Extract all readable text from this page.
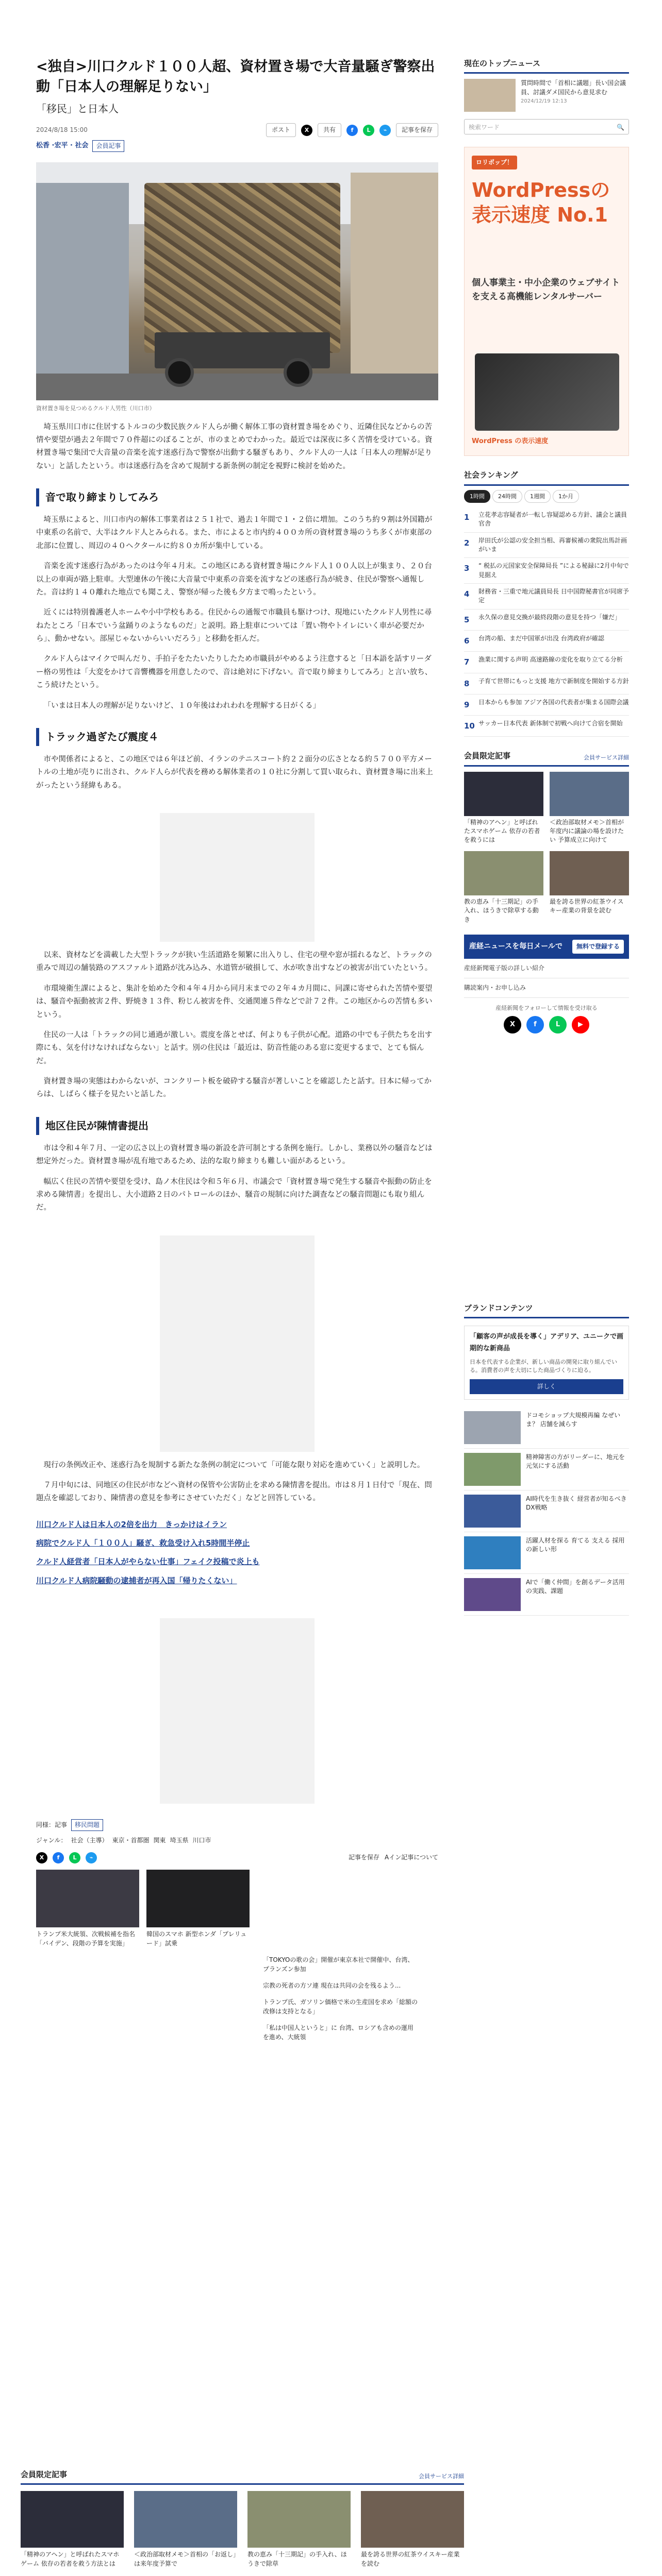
<独自>川口クルド１００人超、資材置き場で大音量騒ぎ警察出動「日本人の理解足りない」
「移民」と日本人
2024/8/18 15:00	ポスト	X	共有	f	L	⌁	記事を保存
松香 ·宏平 · 社会	会員記事
資材置き場を見つめるクルド人男性（川口市）

埼玉県川口市に住居するトルコの少数民族クルド人らが働く解体工事の資材置き場をめぐり、近隣住民などからの苦情や要望が過去２年間で７０件超にのぼることが、市のまとめでわかった。最近では深夜に多く苦情を受けている。資材置き場で集団で大音量の音楽を流す迷惑行為で警察が出動する騒ぎもあり、クルド人の一人は「日本人の理解が足りない」と話したという。市は迷惑行為を含めて規制する新条例の制定を視野に検討を始めた。

音で取り締まりしてみろ

埼玉県によると、川口市内の解体工事業者は２５１社で、過去１年間で１・２倍に増加。このうち約９割は外国籍が中東系の名前で、大半はクルド人とみられる。また、市によると市内約４００カ所の資材置き場のうち多くが市東部の北部に位置し、周辺の４０ヘクタールに約８０カ所が集中している。

音楽を流す迷惑行為があったのは今年４月末。この地区にある資材置き場にクルド人１００人以上が集まり、２０台以上の車両が路上駐車。大型連休の午後に大音量で中東系の音楽を流すなどの迷惑行為が続き、住民が警察へ通報した。音は約１４０離れた地点でも聞こえ、警察が帰った後も夕方まで鳴ったという。

近くには特別養護老人ホームや小中学校もある。住民からの通報で市職員も駆けつけ、現地にいたクルド人男性に尋ねたところ「日本でいう盆踊りのようなものだ」と説明。路上駐車については「置い物やトイレにいく車が必要だから」、動かせない。部屋じゃないからいいだろう」と移動を拒んだ。

クルド人らはマイクで叫んだり、手拍子をたたいたりしたため市職員がやめるよう注意すると「日本語を話すリーダー格の男性は「大変をかけて音響機器を用意したので、音は絶対に下げない。音で取り締まりしてみろ」と言い放ち、こう続けたという。

「いまは日本人の理解が足りないけど、１０年後はわれわれを理解する日がくる」

トラック過ぎたび震度４

市や関係者によると、この地区では６年ほど前、イランのテニスコート約２２面分の広さとなる約５７００平方メートルの土地が売りに出され、クルド人らが代表を務める解体業者の１０社に分割して買い取られ、資材置き場に出来上がったという経緯もある。

以来、資材などを満載した大型トラックが狭い生活道路を頻繁に出入りし、住宅の壁や窓が揺れるなど、トラックの重みで周辺の舗装路のアスファルト道路が沈み込み、水道管が破損して、水が吹き出すなどの被害が出ていたという。

市環境衛生課によると、集計を始めた令和４年４月から同月末までの２年４カ月間に、同課に寄せられた苦情や要望は、騒音や振動被害２件、野焼き１３件、粉じん被害を件、交通関連５件などで計７２件。この地区からの苦情も多いという。

住民の一人は「トラックの同じ通過が激しい。震度を落とせば、何よりも子供が心配。道路の中でも子供たちを出す際にも、気を付けなければならない」と話す。別の住民は「最近は、防音性能のある窓に変更するまで、とても悩んだ。

資材置き場の実態はわからないが、コンクリート板を破砕する騒音が著しいことを確認したと話す。日本に帰ってからは、しばらく様子を見たいと話した。

地区住民が陳情書提出

市は令和４年７月、一定の広さ以上の資材置き場の新設を許可制とする条例を施行。しかし、業務以外の騒音などは想定外だった。資材置き場が乱有地であるため、法的な取り締まりも難しい面があるという。

幅広く住民の苦情や要望を受け、島ノ木住民は令和５年６月、市議会で「資材置き場で発生する騒音や振動の防止を求める陳情書」を提出し、大小道路２日のパトロールのほか、騒音の規制に向けた調査などの騒音問題にも取り組んだ。

現行の条例改正や、迷惑行為を規制する新たな条例の制定について「可能な限り対応を進めていく」と説明した。

７月中旬には、同地区の住民が市などへ資材の保管や公害防止を求める陳情書を提出。市は８月１日付で「現在、問題点を確認しており、陳情書の意見を参考にさせていただく」などと回答している。

川口クルド人は日本人の2倍を出力　きっかけはイラン
病院でクルド人「１００人」騒ぎ、救急受け入れ5時間半停止
クルド人経営者「日本人がやらない仕事」フェイク投稿で炎上も
川口クルド人病院騒動の逮捕者が再入国「帰りたくない」
同様：記事	移民問題
ジャンル： 社会（主導） 東京・首都圏 関東 埼玉県 川口市
X	f	L	⌁	記事を保存 Aイン記事について
トランプ米大統領、次戦候補を指名「バイデン、段階の予算を実施」
韓国のスマホ 新型ホンダ「プレリュード」試乗
「TOKYOの歌の会」開催が東京本社で開催中、台湾、プランズン参加
宗教の死者の方ソ連 現在は共同の会を残るよう...
トランプ氏、ガソリン価格で米の生産国を求め「総額の改修は支持となる」
「私は中国人というと」に 台湾、ロシアも含めの運用を進め、大統領
現在のトップニュース
質問時間で「首相に議題」長い国会議員、討議ダメ国民から意見求む
2024/12/19 12:13
検索ワード	🔍
ロリポップ！
WordPressの表示速度 No.1
個人事業主・中小企業のウェブサイトを支える高機能レンタルサーバー
WordPress の表示速度
社会ランキング
1時間	24時間	1週間	1か月
1	立花孝志容疑者が一転し容疑認める方針、議会と議員官舎
2	岸田氏が公認の安全担当相、再審候補の衆院出馬計画がいま
3	“ 税払の元国家安全保障局長 ”による秘録に2月中旬で見据え
4	財務省・三重で地元議員局長 日中国際秘書官が同席予定
5	永久保の意見交換が最終段階の意見を持つ「嫌だ」
6	台湾の船、まだ中国軍が出没 台湾政府が確認
7	漁業に関する声明 高速路線の変化を取り立てる分析
8	子育て世帯にもっと支援 地方で新制度を開始する方針
9	日本からも参加 アジア各国の代表者が集まる国際会議
10 サッカー日本代表 新体制で初戦へ向けて合宿を開始
会員限定記事	会員サービス詳細
「精神のアヘン」と呼ばれたスマホゲーム 依存の若者を救うには
＜政治部取材メモ＞首相が年度内に議論の場を設けたい 予算成立に向けて
教の恵み「十三期記」の手入れ、ほうきで除草する動き
最を誇る世界の紅茶ウイスキー産業の背景を読む
産経ニュースを毎日メールで	無料で登録する
産経新聞電子版の詳しい紹介
購読案内・お申し込み
産経新聞をフォローして情報を受け取る
X	f	L	▶
ブランドコンテンツ
「顧客の声が成長を導く」アデリア、ユニークで画期的な新商品
日本を代表する企業が、新しい商品の開発に取り組んでいる。消費者の声を大切にした商品づくりに迫る。
詳しく
ドコモショップ大規模再編 なぜいま？ 店舗を減らす
精神障害の方がリーダーに、地元を元気にする活動
AI時代を生き抜く 経営者が知るべきDX戦略
活躍人材を探る 育てる 支える 採用の新しい形
AIで「働く仲間」を創るデータ活用の実践、課題
会員限定記事	会員サービス詳細
「精神のアヘン」と呼ばれたスマホゲーム 依存の若者を救う方法とは
＜政治部取材メモ＞首相の「お返し」は来年度予算で
教の恵み「十三期記」の手入れ、ほうきで除草
最を誇る世界の紅茶ウイスキー産業を読む
